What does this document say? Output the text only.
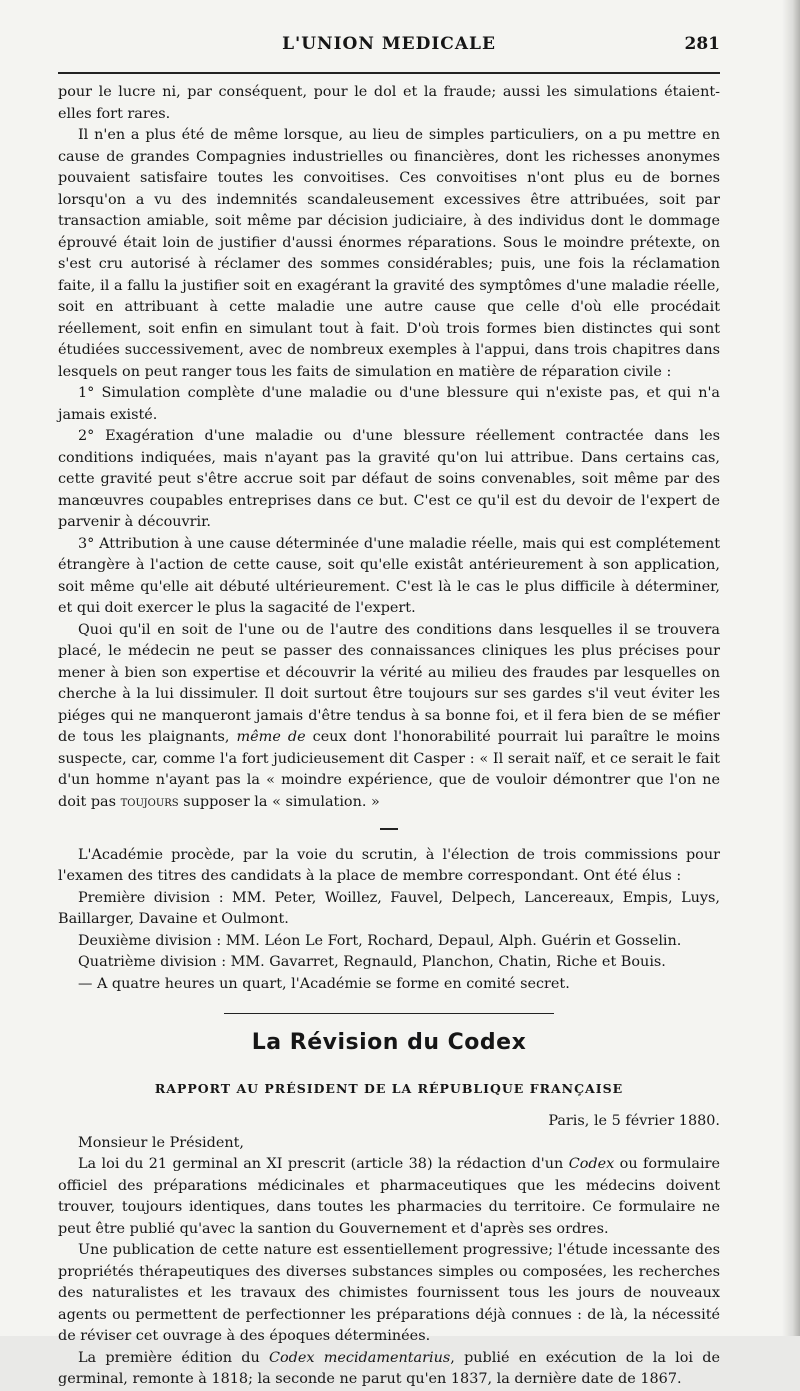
L'UNION MEDICALE	281

pour le lucre ni, par conséquent, pour le dol et la fraude; aussi les simulations étaient-elles fort rares.

Il n'en a plus été de même lorsque, au lieu de simples particuliers, on a pu mettre en cause de grandes Compagnies industrielles ou financières, dont les richesses anonymes pouvaient satisfaire toutes les convoitises. Ces convoitises n'ont plus eu de bornes lorsqu'on a vu des indemnités scandaleusement excessives être attribuées, soit par transaction amiable, soit même par décision judiciaire, à des individus dont le dommage éprouvé était loin de justifier d'aussi énormes réparations. Sous le moindre prétexte, on s'est cru autorisé à réclamer des sommes considérables; puis, une fois la réclamation faite, il a fallu la justifier soit en exagérant la gravité des symptômes d'une maladie réelle, soit en attribuant à cette maladie une autre cause que celle d'où elle procédait réellement, soit enfin en simulant tout à fait. D'où trois formes bien distinctes qui sont étudiées successivement, avec de nombreux exemples à l'appui, dans trois chapitres dans lesquels on peut ranger tous les faits de simulation en matière de réparation civile :

1° Simulation complète d'une maladie ou d'une blessure qui n'existe pas, et qui n'a jamais existé.

2° Exagération d'une maladie ou d'une blessure réellement contractée dans les conditions indiquées, mais n'ayant pas la gravité qu'on lui attribue. Dans certains cas, cette gravité peut s'être accrue soit par défaut de soins convenables, soit même par des manœuvres coupables entreprises dans ce but. C'est ce qu'il est du devoir de l'expert de parvenir à découvrir.

3° Attribution à une cause déterminée d'une maladie réelle, mais qui est complétement étrangère à l'action de cette cause, soit qu'elle existât antérieurement à son application, soit même qu'elle ait débuté ultérieurement. C'est là le cas le plus difficile à déterminer, et qui doit exercer le plus la sagacité de l'expert.

Quoi qu'il en soit de l'une ou de l'autre des conditions dans lesquelles il se trouvera placé, le médecin ne peut se passer des connaissances cliniques les plus précises pour mener à bien son expertise et découvrir la vérité au milieu des fraudes par lesquelles on cherche à la lui dissimuler. Il doit surtout être toujours sur ses gardes s'il veut éviter les piéges qui ne manqueront jamais d'être tendus à sa bonne foi, et il fera bien de se méfier de tous les plaignants, même de ceux dont l'honorabilité pourrait lui paraître le moins suspecte, car, comme l'a fort judicieusement dit Casper : « Il serait naïf, et ce serait le fait d'un homme n'ayant pas la « moindre expérience, que de vouloir démontrer que l'on ne doit pas toujours supposer la « simulation. »

L'Académie procède, par la voie du scrutin, à l'élection de trois commissions pour l'examen des titres des candidats à la place de membre correspondant. Ont été élus :

Première division : MM. Peter, Woillez, Fauvel, Delpech, Lancereaux, Empis, Luys, Baillarger, Davaine et Oulmont.

Deuxième division : MM. Léon Le Fort, Rochard, Depaul, Alph. Guérin et Gosselin.

Quatrième division : MM. Gavarret, Regnauld, Planchon, Chatin, Riche et Bouis.

— A quatre heures un quart, l'Académie se forme en comité secret.

La Révision du Codex
RAPPORT AU PRÉSIDENT DE LA RÉPUBLIQUE FRANÇAISE

Paris, le 5 février 1880.

Monsieur le Président,

La loi du 21 germinal an XI prescrit (article 38) la rédaction d'un Codex ou formulaire officiel des préparations médicinales et pharmaceutiques que les médecins doivent trouver, toujours identiques, dans toutes les pharmacies du territoire. Ce formulaire ne peut être publié qu'avec la santion du Gouvernement et d'après ses ordres.

Une publication de cette nature est essentiellement progressive; l'étude incessante des propriétés thérapeutiques des diverses substances simples ou composées, les recherches des naturalistes et les travaux des chimistes fournissent tous les jours de nouveaux agents ou permettent de perfectionner les préparations déjà connues : de là, la nécessité de réviser cet ouvrage à des époques déterminées.

La première édition du Codex mecidamentarius, publié en exécution de la loi de germinal, remonte à 1818; la seconde ne parut qu'en 1837, la dernière date de 1867.
